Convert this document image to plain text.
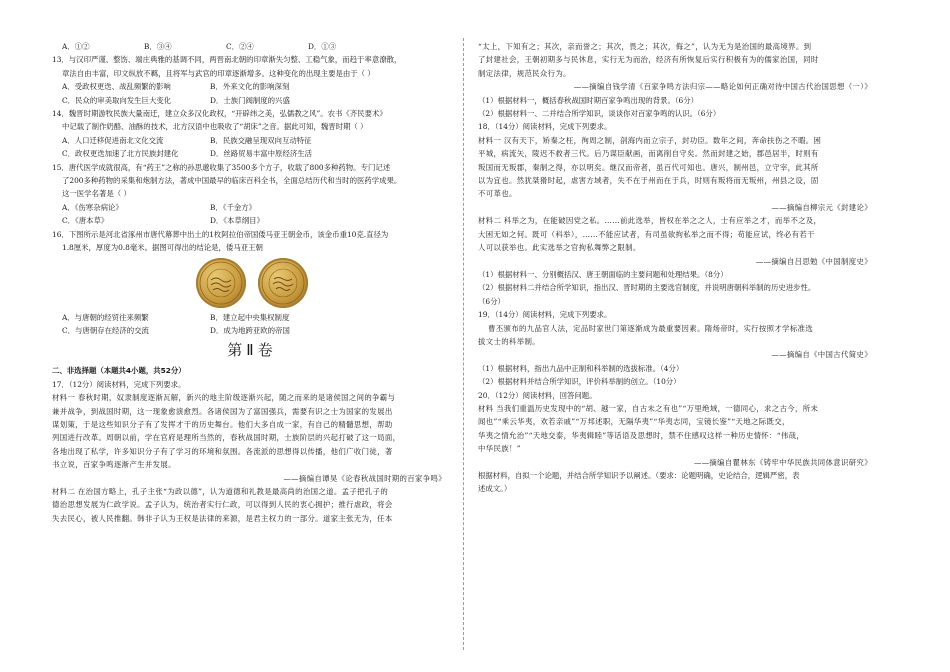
A．①②	B．③④	C．②④	D．①③

13．与汉印严谨、整饬、端庄典雅的基调不同，两晋南北朝的印章渐失匀整、工稳气象，而趋于率意潦散，

章法自由丰富，印文纵放不羁，且将军与武官的印章逐渐增多。这种变化的出现主要是由于（ ）

A．受政权更迭、战乱频繁的影响	B．外来文化的影响深刻
C．民众的审美取向发生巨大变化	D．士族门阀制度的兴盛

14．魏晋时期游牧民族大量南迁，建立众多汉化政权，“开辟纬之美，弘儒教之风”。农书《齐民要术》

中记载了制作奶酪、油酥的技术，北方汉语中也吸收了“胡床”之音。据此可知，魏晋时期（ ）

A．人口迁移促进南北文化交流	B．民族交融呈现双向互动特征
C．政权更迭加速了北方民族封建化	D．丝路贸易丰富中原经济生活

15．唐代医学成就很高，有“药王”之称的孙思邈收集了3500多个方子，收载了800多种药物。专门记述

了200多种药物的采集和炮制方法，著成中国最早的临床百科全书，全面总结历代和当时的医药学成果。

这一医学名著是（ ）

A．《伤寒杂病论》	B．《千金方》
C．《唐本草》	D．《本草纲目》

16．下图所示是河北省涿州市唐代幕葬中出土的1枚阿拉伯帝国倭马亚王朝金币，该金币重10克.直径为

1.8厘米，厚度为0.8毫米。据图可得出的结论是，倭马亚王朝

A．与唐朝的经贸往来频繁	B．建立起中央集权制度
C．与唐朝存在经济的交流	D．成为地跨亚欧的帝国
第Ⅱ卷

二、非选择题（本题共4小题，共52分）

17．（12分）阅读材料，完成下列要求。

材料一 春秋时期，奴隶制度逐渐瓦解，新兴的地主阶级逐渐兴起，随之而来的是诸侯国之间的争霸与

兼并战争，到战国时期，这一现象愈演愈烈。各诸侯国为了富国强兵，需要有识之士为国家的发展出

谋划策，于是这些知识分子有了发挥才干的历史舞台。他们大多自成一家，有自己的精髓思想，帮助

列国进行改革。周朝以前，学在官府是理所当然的，春秋战国时期，士族阶层的兴起打破了这一局面，

各地出现了私学，许多知识分子有了学习的环境和氛围。各流派的思想得以传播，他们广收门徒，著

书立说，百家争鸣逐渐产生并发展。

——摘编自谭昊《论春秋战国时期的百家争鸣》

材料二 在治国方略上，孔子主张“为政以德”，认为道德和礼教是最高尚的治国之道。孟子把孔子的

德治思想发展为仁政学说。孟子认为，统治者实行仁政，可以得到人民的衷心拥护；推行虐政，将会

失去民心，被人民推翻。韩非子认为王权是法律的来源，是君主权力的一部分。道家主张无为，任本

“太上，下知有之；其次，亲而誉之；其次，畏之；其次，侮之”，认为无为是治国的最高境界。到

了封建社会，王朝初期多与民休息，实行无为而治，经济有所恢复后实行积极有为的儒家治国，同时

制定法律，规范民众行为。

——摘编自钱学清《百家争鸣方法归宗——略论如何正确对待中国古代治国思想（一）》

（1）根据材料一，概括春秋战国时期百家争鸣出现的背景。（6分）

（2）根据材料一、二并结合所学知识，谈谈你对百家争鸣的认识。（6分）

18．（14分）阅读材料，完成下列要求。

材料一 汉有天下，矫秦之枉，徇周之制，剖海内而立宗子，封功臣。数年之间，奔命扶伤之不暇。困

平城，病流矢，陵迟不救者三代。后乃谋臣献画，而离削自守矣。然而封建之始，郡邑居半，时则有

叛国而无叛郡，秦制之得，亦以明矣。继汉而帝者，虽百代可知也。唐兴，制州邑，立守宰，此其所

以为宜也。然犹桀猾时起，虐害方域者，失不在于州而在于兵，时则有叛将而无叛州，州县之设，固

不可革也。

——摘编自柳宗元《封建论》

材料二 科举之为，在能破因党之私。……前此选举，皆权在举之之人，士有应举之才，而举不之及，

大困无如之何。既可（科举），……不能应试者，有司虽欲拘私举之而不得；苟能应试，终必有若干

人可以获举也。此实选举之官拘私舞弊之限制。

——摘编自吕思勉《中国制度史》

（1）根据材料一、分别概括汉、唐王朝面临的主要问题和处理结果。（8分）

（2）根据材料二并结合所学知识，指出汉、晋时期的主要选官制度，并说明唐朝科举制的历史进步性。

（6分）

19．（14分）阅读材料，完成下列要求。

曹丕颁布的九品官人法，定品时家世门第逐渐成为最重要因素。隋炀帝时，实行按照才学标准选

拔文士的科举制。

——摘编自《中国古代简史》

（1）根据材料，指出九品中正制和科举制的选拔标准。（4分）

（2）根据材料并结合所学知识，评价科举制的创立。（10分）

20．（12分）阅读材料，回答问题。

材料 当我们重温历史发现中的“胡、越一家，自古未之有也”“万里绝域，一德同心，求之古今，所未

闻也”“乘云华夷，欢若亲戚”“万邦述职，无隔华夷”“华夷志同，宝镜长鉴”“天地之际既交，

华夷之情允治”“天地交泰，华夷辑睦”等话语及思想时，禁不住感叹这样一种历史情怀：“伟哉，

中华民族！”

——摘编自瞿林东《铸牢中华民族共同体意识研究》

根据材料，自拟一个论题，并结合所学知识予以阐述。（要求：论题明确，史论结合，逻辑严密，表

述成文。）
